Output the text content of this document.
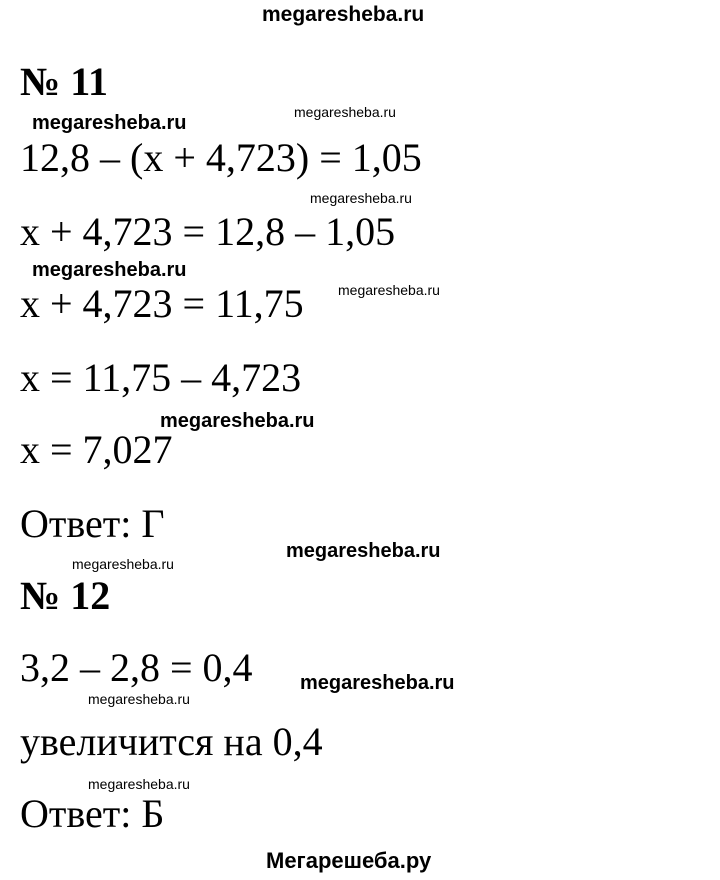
megaresheba.ru
№ 11
megaresheba.ru
megaresheba.ru
12,8 – (x + 4,723) = 1,05
megaresheba.ru
x + 4,723 = 12,8 – 1,05
megaresheba.ru
x + 4,723 = 11,75 megaresheba.ru
x = 11,75 – 4,723
megaresheba.ru
x = 7,027
Ответ: Г
megaresheba.ru
megaresheba.ru
№ 12
3,2 – 2,8 = 0,4 megaresheba.ru
megaresheba.ru
увеличится на 0,4
megaresheba.ru
Ответ: Б
Мегарешеба.ру
